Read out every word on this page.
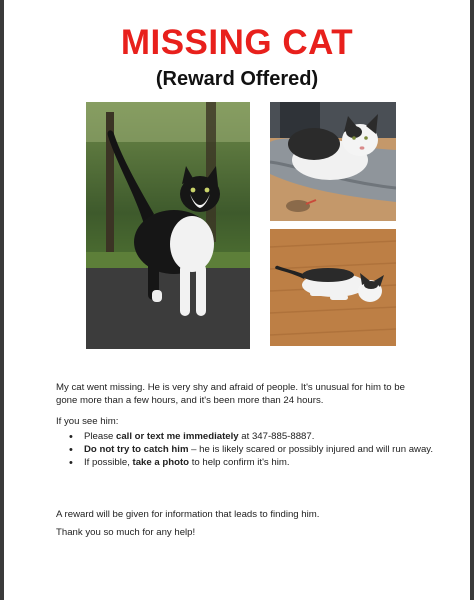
MISSING CAT
(Reward Offered)
My cat went missing. He is very shy and afraid of people. It's unusual for him to be gone more than a few hours, and it's been more than 24 hours.
If you see him:
• Please call or text me immediately at 347-885-8887.
• Do not try to catch him – he is likely scared or possibly injured and will run away.
• If possible, take a photo to help confirm it's him.
A reward will be given for information that leads to finding him.
Thank you so much for any help!
